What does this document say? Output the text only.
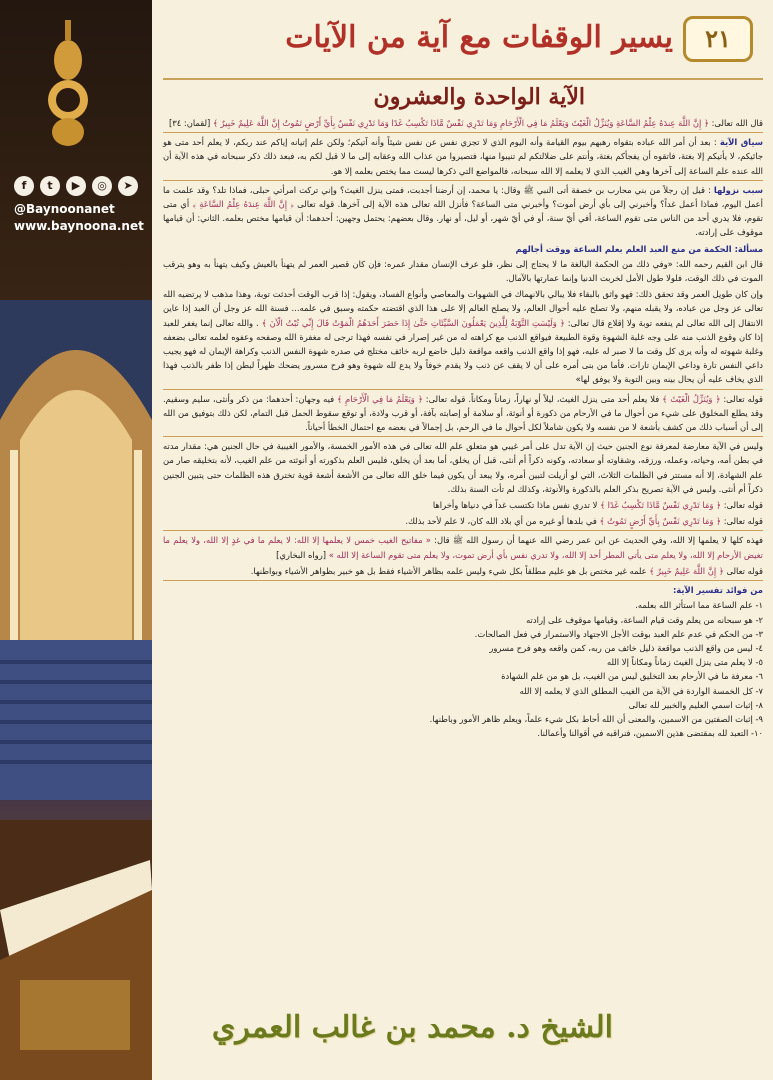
f	t	▶	◎	➤
@Baynoonanet
www.baynoona.net
٢١
يسير الوقفات مع آية من الآيات
الآية الواحدة والعشرون

قال الله تعالى: ﴿ إِنَّ اللَّهَ عِندَهُ عِلْمُ السَّاعَةِ وَيُنَزِّلُ الْغَيْثَ وَيَعْلَمُ مَا فِي الْأَرْحَامِ وَمَا تَدْرِي نَفْسٌ مَّاذَا تَكْسِبُ غَدًا وَمَا تَدْرِي نَفْسٌ بِأَيِّ أَرْضٍ تَمُوتُ إِنَّ اللَّهَ عَلِيمٌ خَبِيرٌ ﴾ [لقمان: ٣٤]

سياق الآية : بعد أن أمر الله عباده بتقواه رهبهم بيوم القيامة وأنه اليوم الذي لا تجزي نفس عن نفس شيئاً وأنه آتيكم؛ ولكن علم إتيانه إياكم عند ربكم، لا يعلم أحد متى هو جائيكم، لا يأتيكم إلا بغتة، فاتقوه أن يفجأكم بغتة، وأنتم على ضلالتكم لم تنيبوا منها، فتصيروا من عذاب الله وعقابه إلى ما لا قبل لكم به، فبعد ذلك ذكر سبحانه في هذه الآية أن الله عنده علم الساعة إلى آخرها وهي الغيب الذي لا يعلمه إلا الله سبحانه، فالمواضع التي ذكرها ليست مما يختص بعلمه إلا هو.

سبب نزولها : قيل إن رجلاً من بني محارب بن خصفة أتى النبي ﷺ وقال: يا محمد، إن أرضنا أجدبت، فمتى ينزل الغيث؟ وإني تركت امرأتي حبلى، فماذا تلد؟ وقد علمت ما أعمل اليوم، فماذا أعمل غداً؟ وأخبرني إلى بأي أرض أموت؟ وأخبرني متى الساعة؟ فأنزل الله تعالى هذه الآية إلى آخرها. قوله تعالى ﴿ إِنَّ اللَّهَ عِندَهُ عِلْمُ السَّاعَةِ ﴾ أي متى تقوم، فلا يدري أحد من الناس متى تقوم الساعة، أفي أيّ سنة، أو في أيّ شهر، أو ليل، أو نهار. وقال بعضهم: يحتمل وجهين: أحدهما: أن قيامها مختص بعلمه. الثاني: أن قيامها موقوف على إرادته.

مسألة: الحكمة من منع العبد العلم بعلم الساعة ووقت أجالهم

قال ابن القيم رحمه الله: «وفي ذلك من الحكمة البالغة ما لا يحتاج إلى نظر، فلو عرف الإنسان مقدار عمره: فإن كان قصير العمر لم يتهنأ بالعيش وكيف يتهنأ به وهو يترقب الموت في ذلك الوقت، فلولا طول الأمل لخربت الدنيا وإنما عمارتها بالآمال.

وإن كان طويل العمر وقد تحقق ذلك: فهو واثق بالبقاء فلا يبالي بالانهماك في الشهوات والمعاصي وأنواع الفساد، ويقول: إذا قرب الوقت أحدثت توبة، وهذا مذهب لا يرتضيه الله تعالى عز وجل من عباده، ولا يقبله منهم، ولا تصلح عليه أحوال العالم، ولا يصلح العالم إلا على هذا الذي اقتضته حكمته وسبق في علمه... فسنة الله عز وجل أن العبد إذا عاين الانتقال إلى الله تعالى لم ينفعه توبة ولا إقلاع قال تعالى: ﴿ وَلَيْسَتِ التَّوْبَةُ لِلَّذِينَ يَعْمَلُونَ السَّيِّئَاتِ حَتَّىٰ إِذَا حَضَرَ أَحَدَهُمُ الْمَوْتُ قَالَ إِنِّي تُبْتُ الْآنَ ﴾ . والله تعالى إنما يغفر للعبد إذا كان وقوع الذنب منه على وجه غلبة الشهوة وقوة الطبيعة فيواقع الذنب مع كراهته له من غير إصرار في نفسه فهذا ترجى له مغفرة الله وصفحه وعفوه لعلمه تعالى بضعفه وغلبة شهوته له وأنه يرى كل وقت ما لا صبر له عليه، فهو إذا واقع الذنب واقعه مواقعة ذليل خاضع لربه خائف مختلج في صدره شهوة النفس الذنب وكراهة الإيمان له فهو يجيب داعي النفس تارة وداعي الإيمان تارات. فأما من بنى أمره على أن لا يقف عن ذنب ولا يقدم خوفاً ولا يدع لله شهوة وهو فرح مسرور يضحك ظهراً لبطن إذا ظفر بالذنب فهذا الذي يخاف عليه أن يحال بينه وبين التوبة ولا يوفق لها»

قوله تعالى: ﴿ وَيُنَزِّلُ الْغَيْثَ ﴾ فلا يعلم أحد متى ينزل الغيث، ليلاً أو نهاراً، زماناً ومكاناً. قوله تعالى: ﴿ وَيَعْلَمُ مَا فِي الْأَرْحَامِ ﴾ فيه وجهان: أحدهما: من ذكر وأنثى، سليم وسقيم. وقد يطلع المخلوق على شيء من أحوال ما في الأرحام من ذكورة أو أنوثة، أو سلامة أو إصابته بآفة، أو قرب ولادة، أو توقع سقوط الحمل قبل التمام، لكن ذلك بتوفيق من الله إلى أن أسباب ذلك من كشف بأشعة لا من نفسه ولا يكون شاملاً لكل أحوال ما في الرحم، بل إجمالاً في بعضه مع احتمال الخطأ أحياناً.

وليس في الآية معارضة لمعرفة نوع الجنين حيث إن الآية تدل على أمر غيبي هو متعلق علم الله تعالى في هذه الأمور الخمسة، والأمور الغيبية في حال الجنين هي: مقدار مدته في بطن أمه، وحياته، وعمله، ورزقه، وشقاوته أو سعادته، وكونه ذكراً أم أنثى، قبل أن يخلق، أما بعد أن يخلق، فليس العلم بذكورته أو أنوثته من علم الغيب، لأنه بتخليقه صار من علم الشهادة، إلا أنه مستتر في الظلمات الثلاث، التي لو أزيلت لتبين أمره، ولا يبعد أن يكون فيما خلق الله تعالى من الأشعة أشعة قوية تخترق هذه الظلمات حتى يتبين الجنين ذكراً أم أنثى. وليس في الآية تصريح بذكر العلم بالذكورة والأنوثة، وكذلك لم تأت السنة بذلك.

قوله تعالى: ﴿ وَمَا تَدْرِي نَفْسٌ مَّاذَا تَكْسِبُ غَدًا ﴾ لا تدري نفس ماذا تكتسب غداً في دنياها وأخراها

قوله تعالى: ﴿ وَمَا تَدْرِي نَفْسٌ بِأَيِّ أَرْضٍ تَمُوتُ ﴾ في بلدها أو غيره من أي بلاد الله كان، لا علم لأحد بذلك.

فهذه كلها لا يعلمها إلا الله، وفي الحديث عن ابن عمر رضي الله عنهما أن رسول الله ﷺ قال: « مفاتيح الغيب خمس لا يعلمها إلا الله: لا يعلم ما في غدٍ إلا الله، ولا يعلم ما تغيض الأرحام إلا الله، ولا يعلم متى يأتي المطر أحد إلا الله، ولا تدري نفس بأي أرض تموت، ولا يعلم متى تقوم الساعة إلا الله » [رواه البخاري]

قوله تعالى ﴿ إِنَّ اللَّهَ عَلِيمٌ خَبِيرٌ ﴾ علمه غير مختص بل هو عليم مطلقاً بكل شيء وليس علمه بظاهر الأشياء فقط بل هو خبير بظواهر الأشياء وبواطنها.

من فوائد تفسير الآية:
١- علم الساعة مما استأثر الله بعلمه.
٢- هو سبحانه من يعلم وقت قيام الساعة، وقيامها موقوف على إرادته
٣- من الحكم في عدم علم العبد بوقت الأجل الاجتهاد والاستمرار في فعل الصالحات.
٤- ليس من واقع الذنب مواقعة ذليل خائف من ربه، كمن واقعه وهو فرح مسرور
٥- لا يعلم متى ينزل الغيث زماناً ومكاناً إلا الله
٦- معرفة ما في الأرحام بعد التخليق ليس من الغيب، بل هو من علم الشهادة
٧- كل الخمسة الواردة في الآية من الغيب المطلق الذي لا يعلمه إلا الله
٨- إثبات اسمي العليم والخبير لله تعالى
٩- إثبات الصفتين من الاسمين، والمعنى أن الله أحاط بكل شيء علماً، ويعلم ظاهر الأمور وباطنها.
١٠- التعبد لله بمقتضى هذين الاسمين، فنراقبه في أقوالنا وأعمالنا.
الشيخ د. محمد بن غالب العمري
